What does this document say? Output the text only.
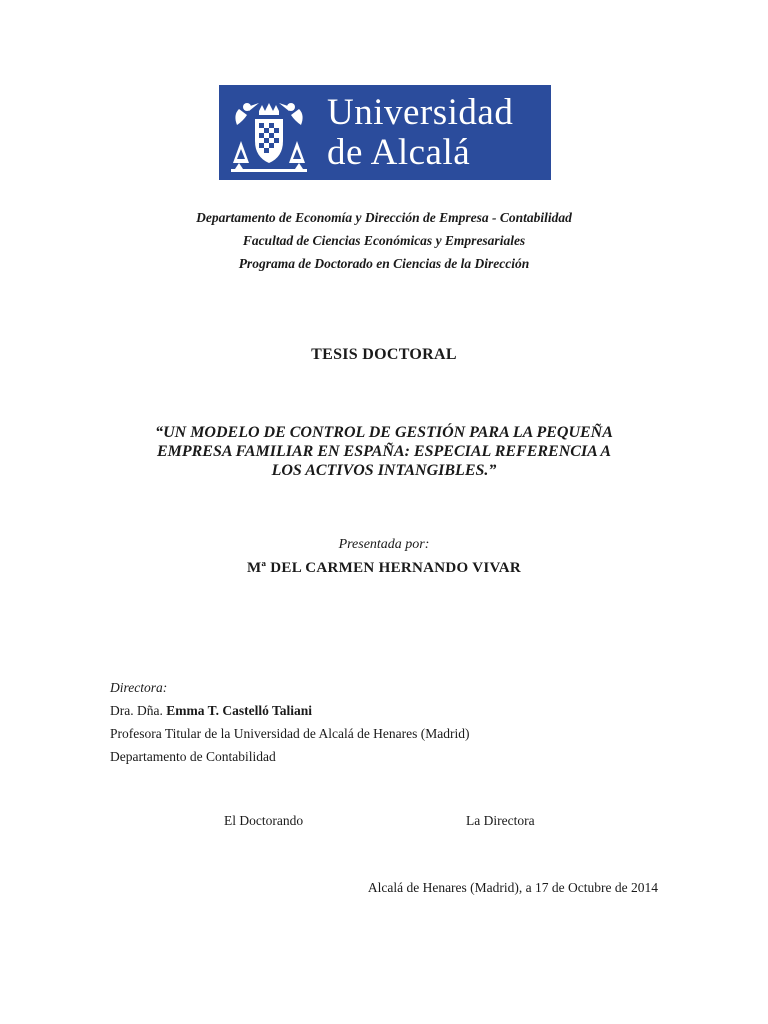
Universidad
de Alcalá
Departamento de Economía y Dirección de Empresa - Contabilidad
Facultad de Ciencias Económicas y Empresariales
Programa de Doctorado en Ciencias de la Dirección
TESIS DOCTORAL
“UN MODELO DE CONTROL DE GESTIÓN PARA LA PEQUEÑA
EMPRESA FAMILIAR EN ESPAÑA: ESPECIAL REFERENCIA A
LOS ACTIVOS INTANGIBLES.”
Presentada por:
Mª DEL CARMEN HERNANDO VIVAR
Directora:
Dra. Dña. Emma T. Castelló Taliani
Profesora Titular de la Universidad de Alcalá de Henares (Madrid)
Departamento de Contabilidad
El Doctorando	La Directora
Alcalá de Henares (Madrid), a 17 de Octubre de 2014
